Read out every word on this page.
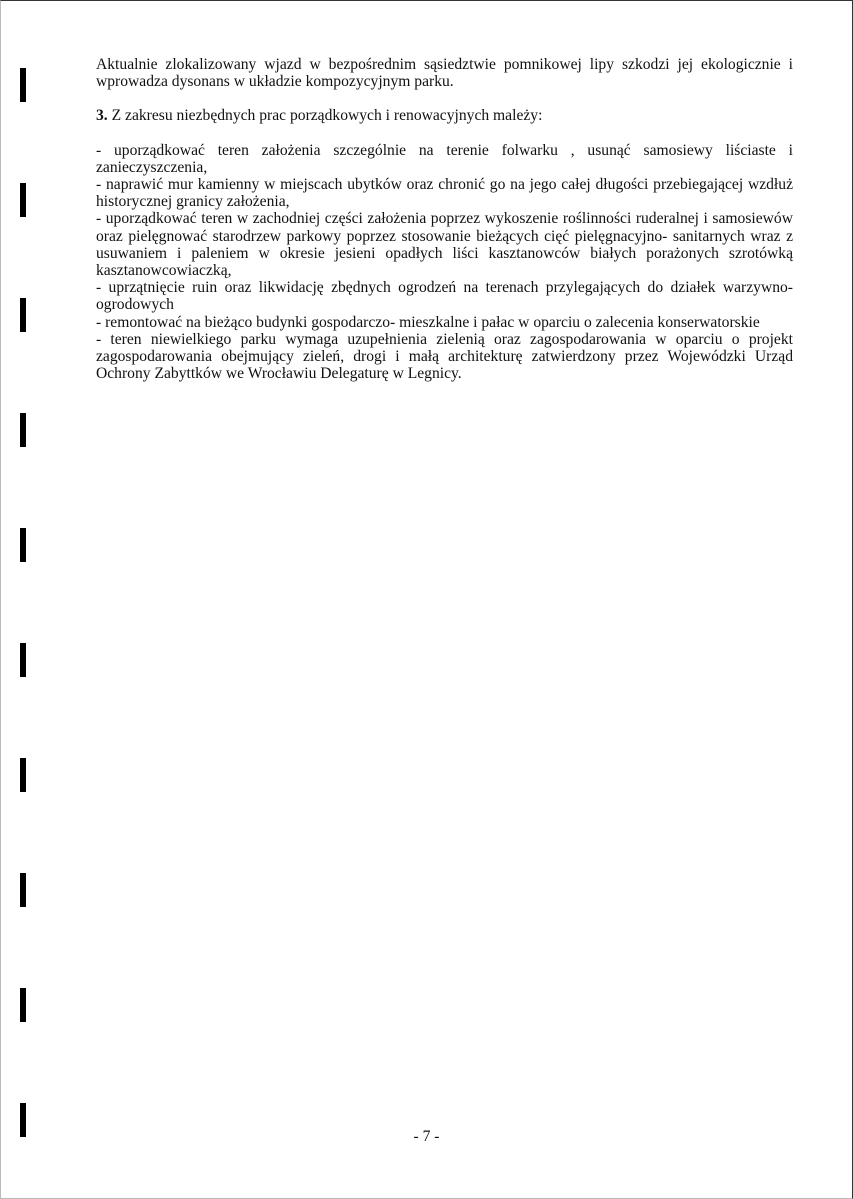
Aktualnie zlokalizowany wjazd w bezpośrednim sąsiedztwie pomnikowej lipy szkodzi jej ekologicznie i wprowadza dysonans w układzie kompozycyjnym parku.

3. Z zakresu niezbędnych prac porządkowych i renowacyjnych mależy:

- uporządkować teren założenia szczególnie na terenie folwarku , usunąć samosiewy liściaste i zanieczyszczenia,

- naprawić mur kamienny w miejscach ubytków oraz chronić go na jego całej długości przebiegającej wzdłuż historycznej granicy założenia,

- uporządkować teren w zachodniej części założenia poprzez wykoszenie roślinności ruderalnej i samosiewów oraz pielęgnować starodrzew parkowy poprzez stosowanie bieżących cięć pielęgnacyjno- sanitarnych wraz z usuwaniem i paleniem w okresie jesieni opadłych liści kasztanowców białych porażonych szrotówką kasztanowcowiaczką,

- uprzątnięcie ruin oraz likwidację zbędnych ogrodzeń na terenach przylegających do działek warzywno-ogrodowych

- remontować na bieżąco budynki gospodarczo- mieszkalne i pałac w oparciu o zalecenia konserwatorskie

- teren niewielkiego parku wymaga uzupełnienia zielenią oraz zagospodarowania w oparciu o projekt zagospodarowania obejmujący zieleń, drogi i małą architekturę zatwierdzony przez Wojewódzki Urząd Ochrony Zabyttków we Wrocławiu Delegaturę w Legnicy.

- 7 -
